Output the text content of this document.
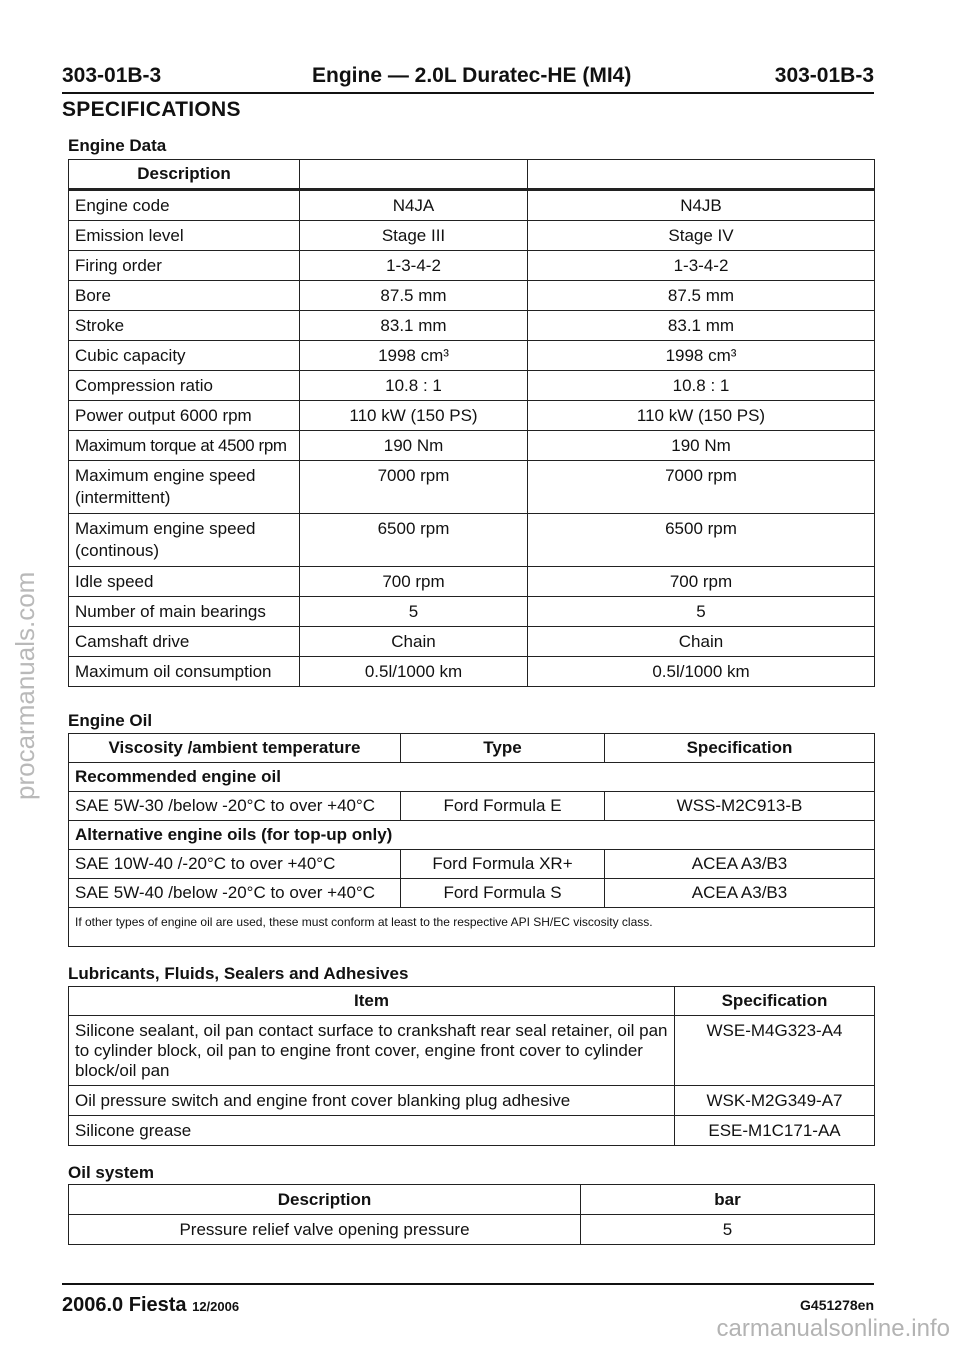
303-01B-3	Engine — 2.0L Duratec-HE (MI4)	303-01B-3
SPECIFICATIONS
Engine Data
Description		
Engine code	N4JA	N4JB
Emission level	Stage III	Stage IV
Firing order	1-3-4-2	1-3-4-2
Bore	87.5 mm	87.5 mm
Stroke	83.1 mm	83.1 mm
Cubic capacity	1998 cm³	1998 cm³
Compression ratio	10.8 : 1	10.8 : 1
Power output 6000 rpm	110 kW (150 PS)	110 kW (150 PS)
Maximum torque at 4500 rpm	190 Nm	190 Nm

Maximum engine speed
(intermittent)	7000 rpm	7000 rpm

Maximum engine speed
(continous)	6500 rpm	6500 rpm
Idle speed	700 rpm	700 rpm
Number of main bearings	5	5
Camshaft drive	Chain	Chain
Maximum oil consumption	0.5l/1000 km	0.5l/1000 km
Engine Oil
Viscosity /ambient temperature	Type	Specification
Recommended engine oil		
SAE 5W-30 /below -20°C to over +40°C	Ford Formula E	WSS-M2C913-B
Alternative engine oils (for top-up only)		
SAE 10W-40 /-20°C to over +40°C	Ford Formula XR+	ACEA A3/B3
SAE 5W-40 /below -20°C to over +40°C	Ford Formula S	ACEA A3/B3
If other types of engine oil are used, these must conform at least to the respective API SH/EC viscosity class.		
Lubricants, Fluids, Sealers and Adhesives
Item	Specification
Silicone sealant, oil pan contact surface to crankshaft rear seal retainer, oil pan to cylinder block, oil pan to engine front cover, engine front cover to cylinder block/oil pan	WSE-M4G323-A4
Oil pressure switch and engine front cover blanking plug adhesive	WSK-M2G349-A7
Silicone grease	ESE-M1C171-AA
Oil system
Description	bar
Pressure relief valve opening pressure	5
2006.0 Fiesta 12/2006	G451278en
procarmanuals.com
carmanualsonline.info
